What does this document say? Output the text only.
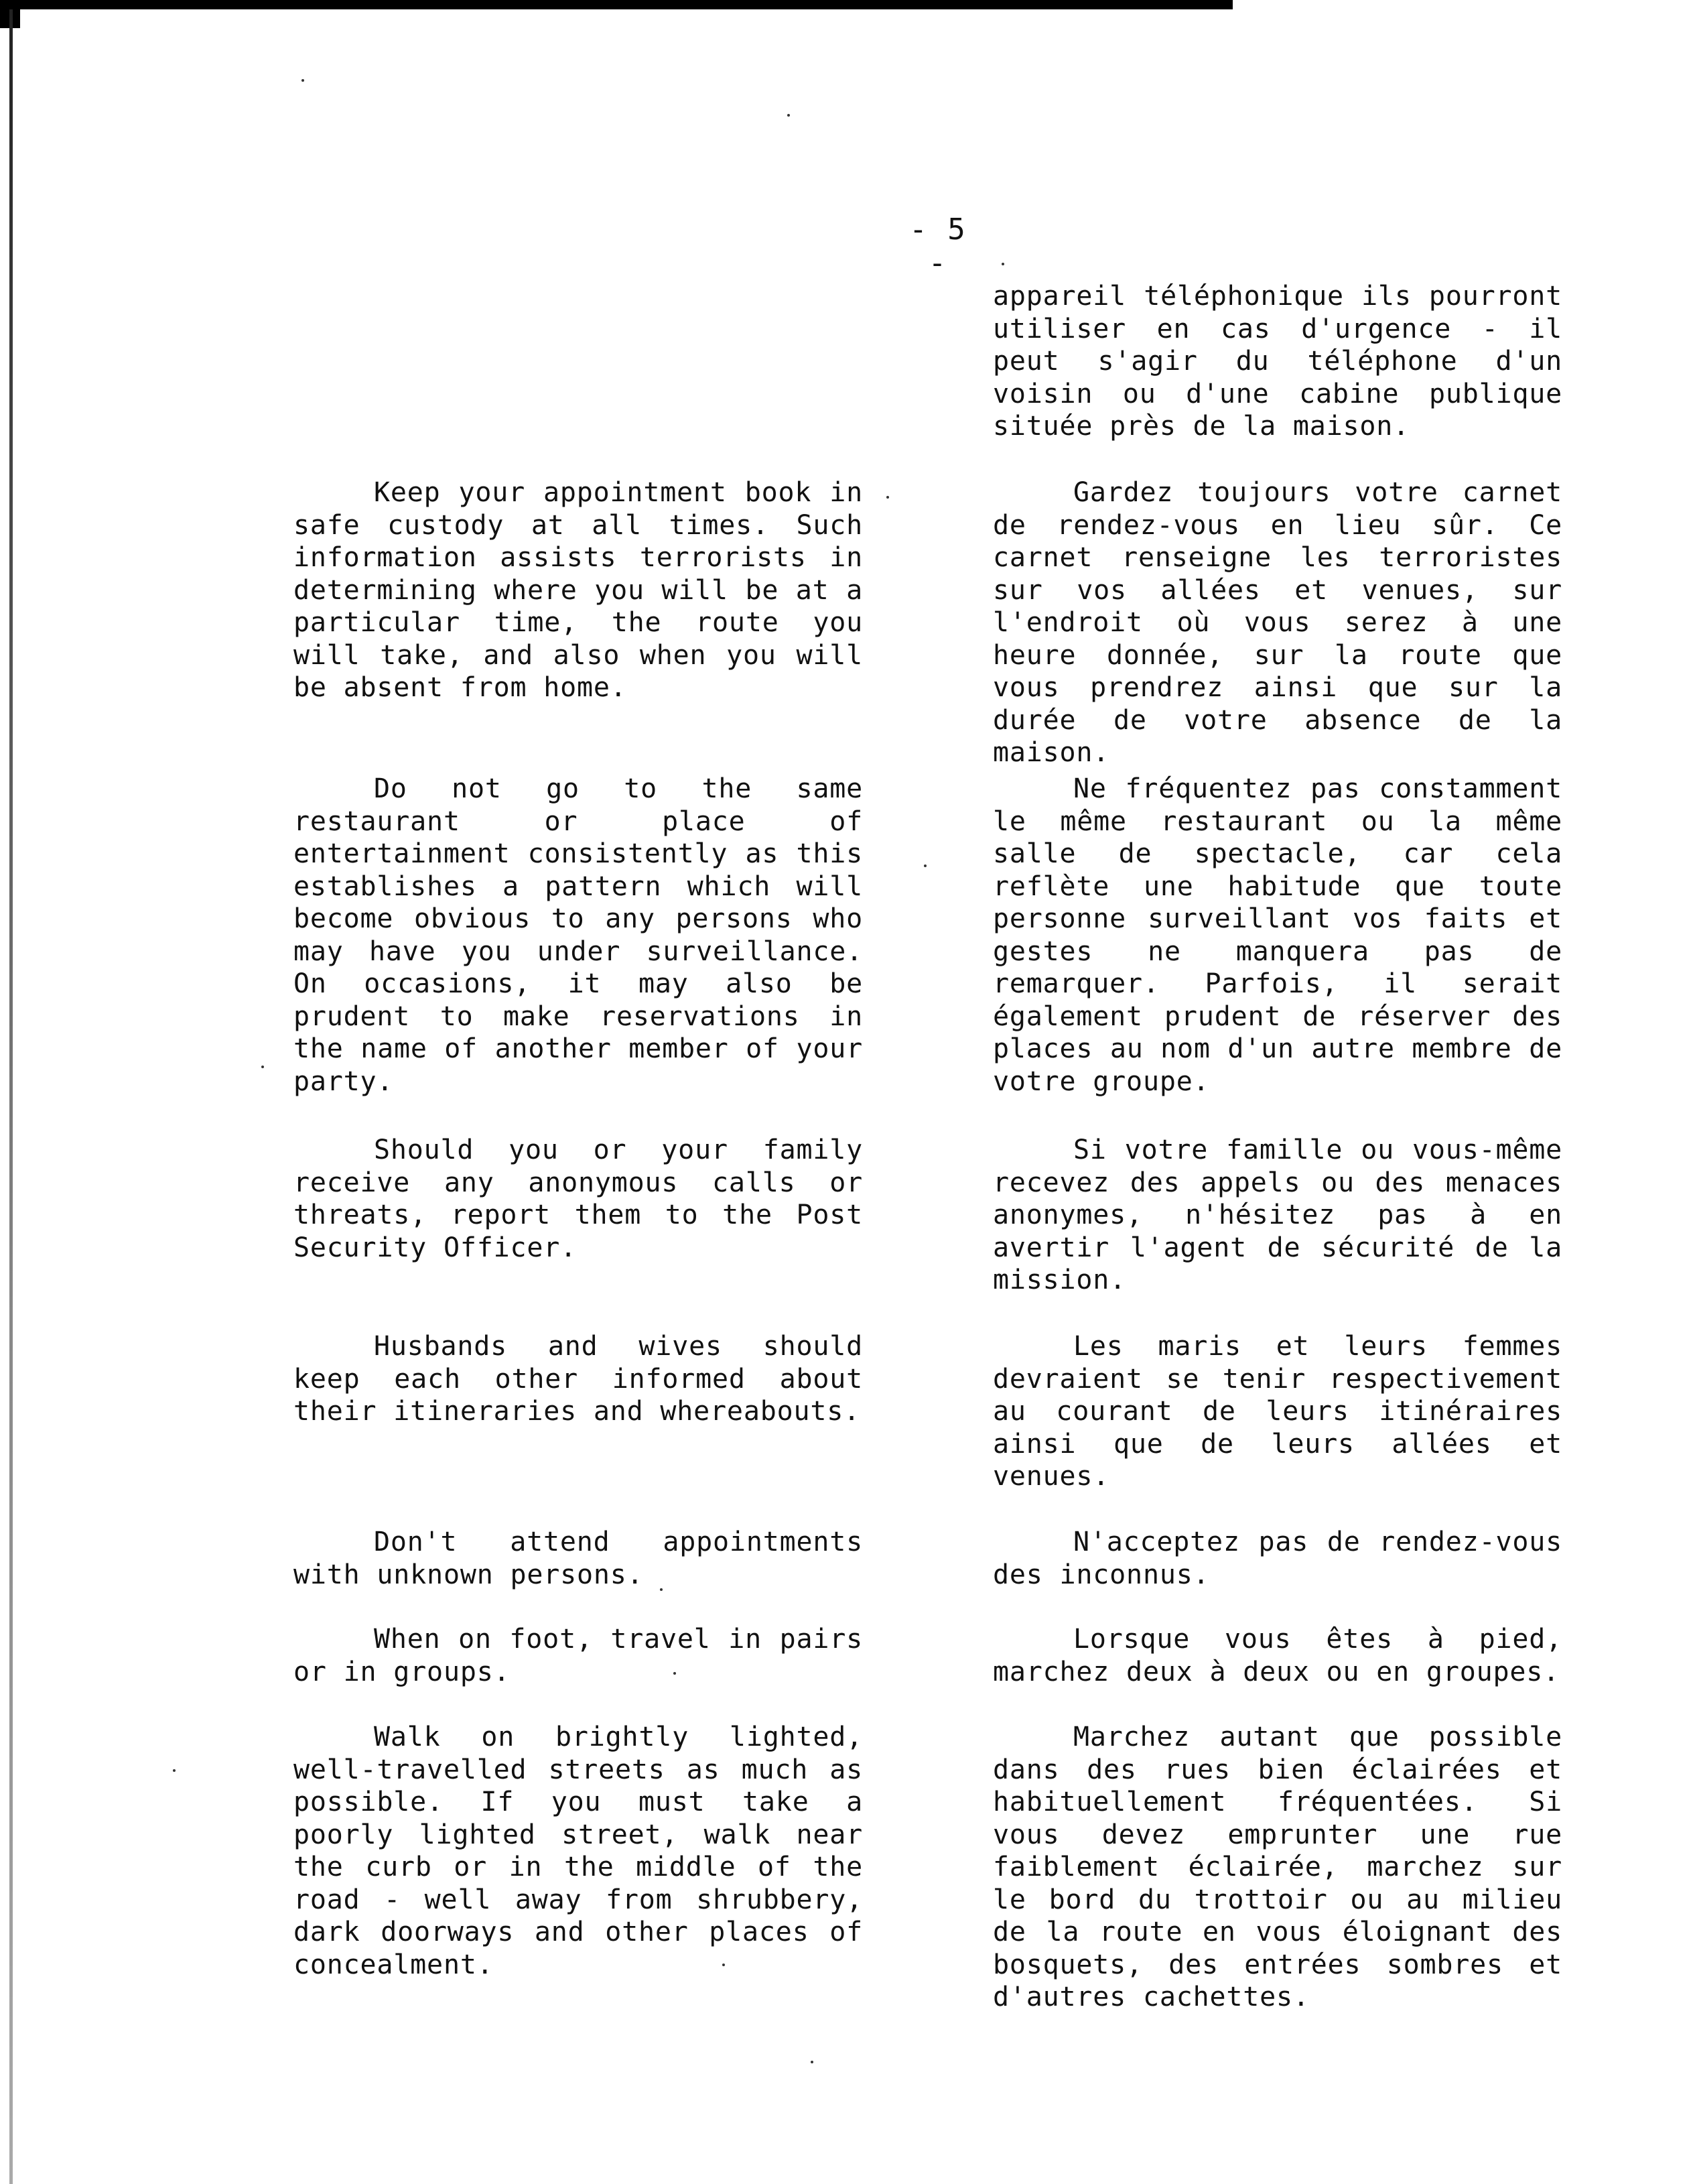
- 5 -

Keep your appointment book in safe custody at all times. Such information assists terrorists in determining where you will be at a particular time, the route you will take, and also when you will be absent from home.

Do not go to the same restaurant or place of entertainment consistently as this establishes a pattern which will become obvious to any persons who may have you under surveillance. On occasions, it may also be prudent to make reservations in the name of another member of your party.

Should you or your family receive any anonymous calls or threats, report them to the Post Security Officer.

Husbands and wives should keep each other informed about their itineraries and whereabouts.

Don't attend appointments with unknown persons.

When on foot, travel in pairs or in groups.

Walk on brightly lighted, well-travelled streets as much as possible. If you must take a poorly lighted street, walk near the curb or in the middle of the road - well away from shrubbery, dark doorways and other places of concealment.

appareil téléphonique ils pourront utiliser en cas d'urgence - il peut s'agir du téléphone d'un voisin ou d'une cabine publique située près de la maison.

Gardez toujours votre carnet de rendez-vous en lieu sûr. Ce carnet renseigne les terroristes sur vos allées et venues, sur l'endroit où vous serez à une heure donnée, sur la route que vous prendrez ainsi que sur la durée de votre absence de la maison.

Ne fréquentez pas constamment le même restaurant ou la même salle de spectacle, car cela reflète une habitude que toute personne surveillant vos faits et gestes ne manquera pas de remarquer. Parfois, il serait également prudent de réserver des places au nom d'un autre membre de votre groupe.

Si votre famille ou vous-même recevez des appels ou des menaces anonymes, n'hésitez pas à en avertir l'agent de sécurité de la mission.

Les maris et leurs femmes devraient se tenir respectivement au courant de leurs itinéraires ainsi que de leurs allées et venues.

N'acceptez pas de rendez-vous des inconnus.

Lorsque vous êtes à pied, marchez deux à deux ou en groupes.

Marchez autant que possible dans des rues bien éclairées et habituellement fréquentées. Si vous devez emprunter une rue faiblement éclairée, marchez sur le bord du trottoir ou au milieu de la route en vous éloignant des bosquets, des entrées sombres et d'autres cachettes.
